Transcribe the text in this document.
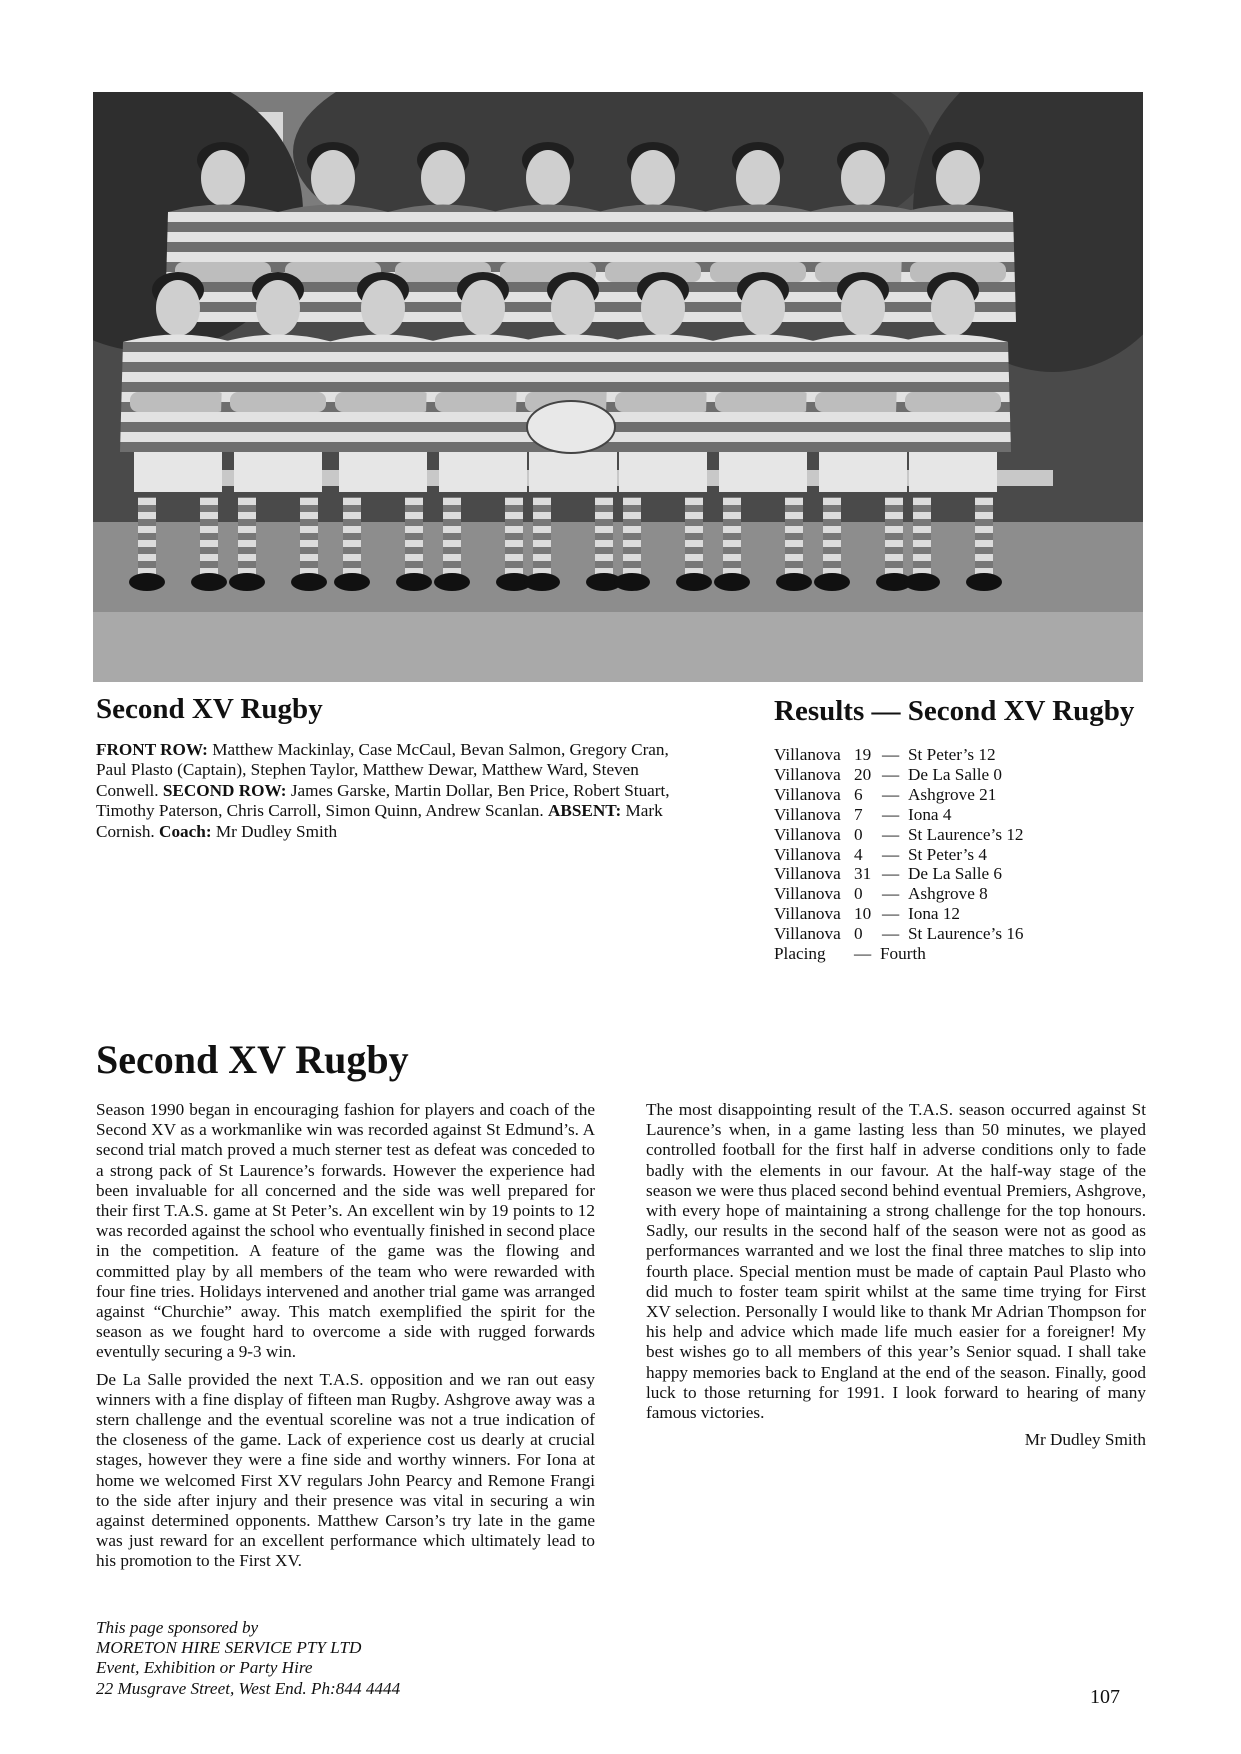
Second XV Rugby

FRONT ROW: Matthew Mackinlay, Case McCaul, Bevan Salmon, Gregory Cran, Paul Plasto (Captain), Stephen Taylor, Matthew Dewar, Matthew Ward, Steven Conwell. SECOND ROW: James Garske, Martin Dollar, Ben Price, Robert Stuart, Timothy Paterson, Chris Carroll, Simon Quinn, Andrew Scanlan. ABSENT: Mark Cornish. Coach: Mr Dudley Smith

Results — Second XV Rugby
Villanova 19 — St Peter’s 12
Villanova 20 — De La Salle 0
Villanova 6 — Ashgrove 21
Villanova 7 — Iona 4
Villanova 0 — St Laurence’s 12
Villanova 4 — St Peter’s 4
Villanova 31 — De La Salle 6
Villanova 0 — Ashgrove 8
Villanova 10 — Iona 12
Villanova 0 — St Laurence’s 16

Placing — Fourth

Second XV Rugby

Season 1990 began in encouraging fashion for players and coach of the Second XV as a workmanlike win was recorded against St Edmund’s. A second trial match proved a much sterner test as defeat was conceded to a strong pack of St Laurence’s forwards. However the experience had been invaluable for all concerned and the side was well prepared for their first T.A.S. game at St Peter’s. An excellent win by 19 points to 12 was recorded against the school who eventually finished in second place in the competition. A feature of the game was the flowing and committed play by all members of the team who were rewarded with four fine tries. Holidays intervened and another trial game was arranged against “Churchie” away. This match exemplified the spirit for the season as we fought hard to overcome a side with rugged forwards eventully securing a 9-3 win.

De La Salle provided the next T.A.S. opposition and we ran out easy winners with a fine display of fifteen man Rugby. Ashgrove away was a stern challenge and the eventual scoreline was not a true indication of the closeness of the game. Lack of experience cost us dearly at crucial stages, however they were a fine side and worthy winners. For Iona at home we welcomed First XV regulars John Pearcy and Remone Frangi to the side after injury and their presence was vital in securing a win against determined opponents. Matthew Carson’s try late in the game was just reward for an excellent performance which ultimately lead to his promotion to the First XV.

The most disappointing result of the T.A.S. season occurred against St Laurence’s when, in a game lasting less than 50 minutes, we played controlled football for the first half in adverse conditions only to fade badly with the elements in our favour. At the half-way stage of the season we were thus placed second behind eventual Premiers, Ashgrove, with every hope of maintaining a strong challenge for the top honours. Sadly, our results in the second half of the season were not as good as performances warranted and we lost the final three matches to slip into fourth place. Special mention must be made of captain Paul Plasto who did much to foster team spirit whilst at the same time trying for First XV selection. Personally I would like to thank Mr Adrian Thompson for his help and advice which made life much easier for a foreigner! My best wishes go to all members of this year’s Senior squad. I shall take happy memories back to England at the end of the season. Finally, good luck to those returning for 1991. I look forward to hearing of many famous victories.

Mr Dudley Smith

This page sponsored by
MORETON HIRE SERVICE PTY LTD
Event, Exhibition or Party Hire
22 Musgrave Street, West End. Ph:844 4444	107
